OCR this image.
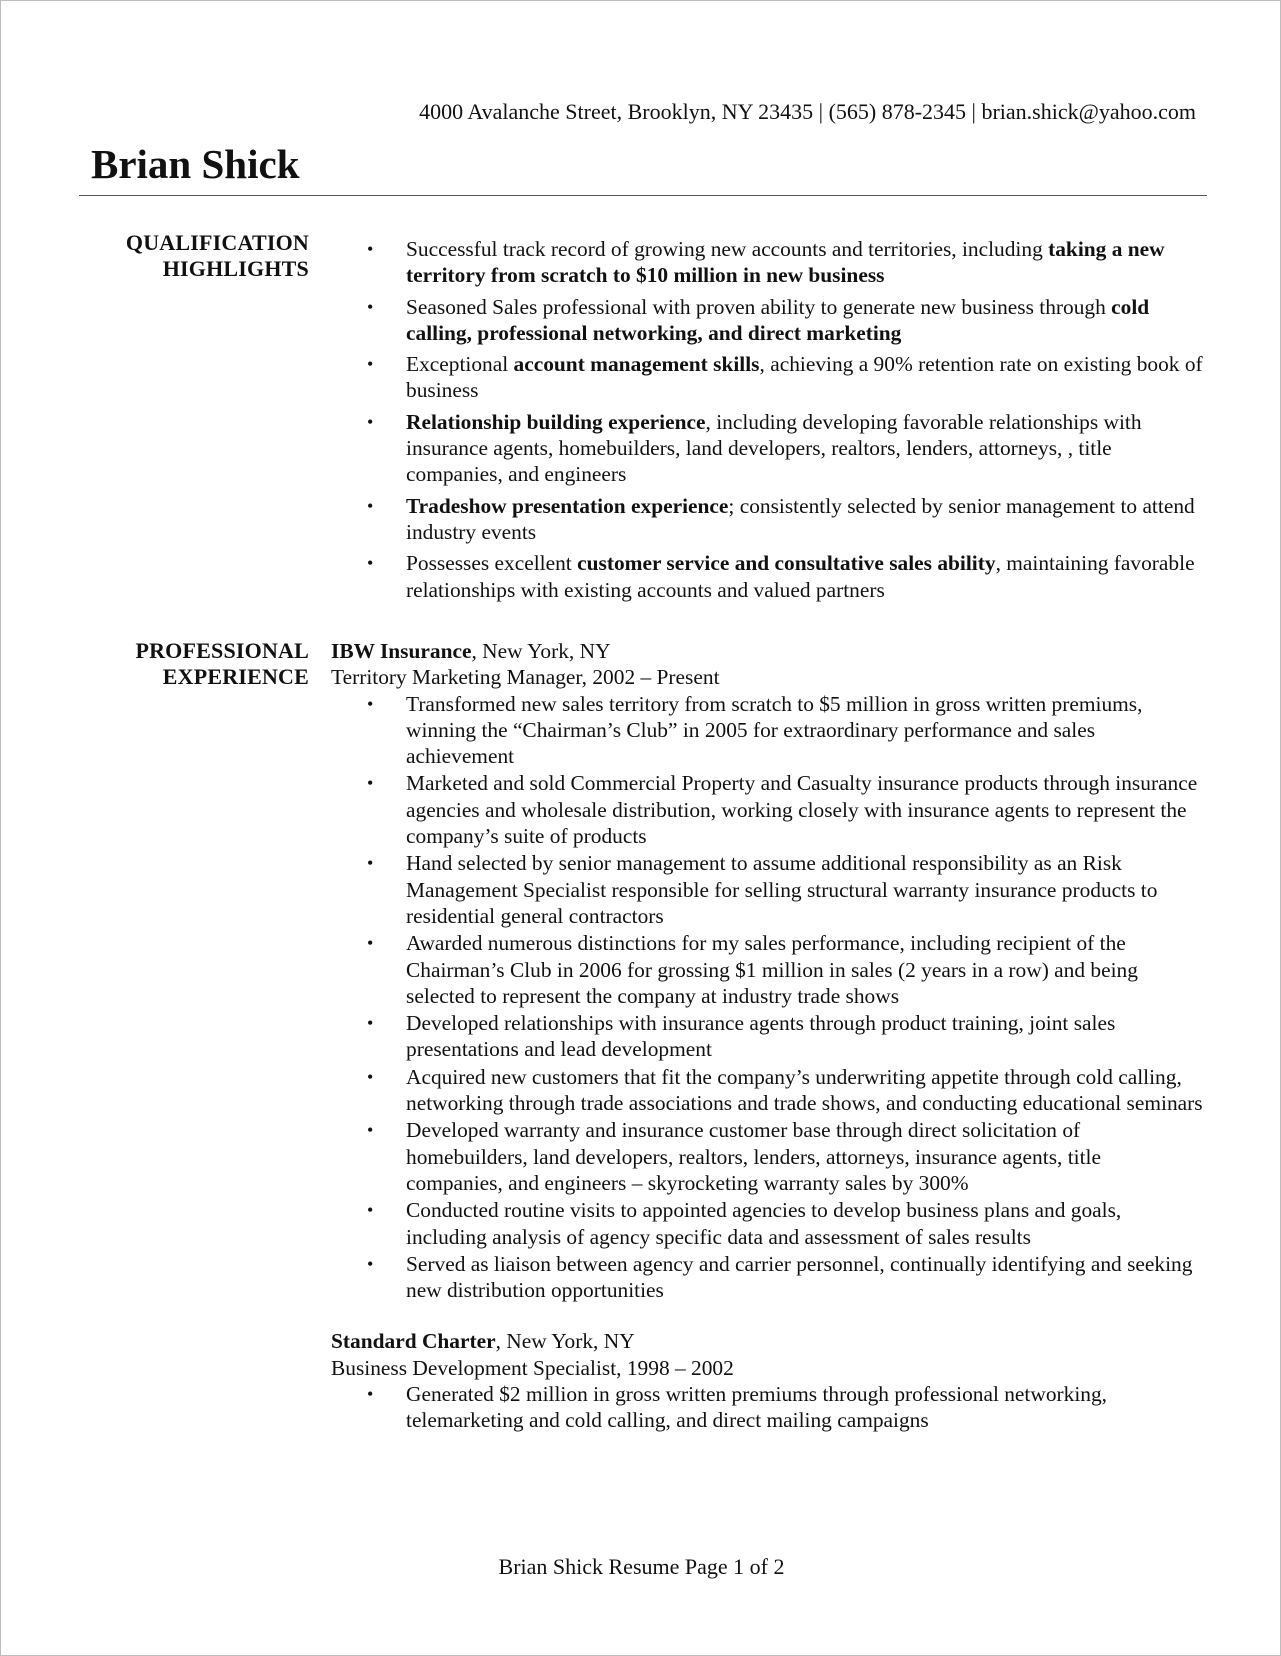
4000 Avalanche Street, Brooklyn, NY 23435 | (565) 878-2345 | brian.shick@yahoo.com
Brian Shick
QUALIFICATION
HIGHLIGHTS
• Successful track record of growing new accounts and territories, including taking a new territory from scratch to $10 million in new business
• Seasoned Sales professional with proven ability to generate new business through cold calling, professional networking, and direct marketing
• Exceptional account management skills, achieving a 90% retention rate on existing book of business
• Relationship building experience, including developing favorable relationships with insurance agents, homebuilders, land developers, realtors, lenders, attorneys, , title companies, and engineers
• Tradeshow presentation experience; consistently selected by senior management to attend industry events
• Possesses excellent customer service and consultative sales ability, maintaining favorable relationships with existing accounts and valued partners
PROFESSIONAL
EXPERIENCE
IBW Insurance, New York, NY
Territory Marketing Manager, 2002 – Present
• Transformed new sales territory from scratch to $5 million in gross written premiums, winning the “Chairman’s Club” in 2005 for extraordinary performance and sales achievement
• Marketed and sold Commercial Property and Casualty insurance products through insurance agencies and wholesale distribution, working closely with insurance agents to represent the company’s suite of products
• Hand selected by senior management to assume additional responsibility as an Risk Management Specialist responsible for selling structural warranty insurance products to residential general contractors
• Awarded numerous distinctions for my sales performance, including recipient of the Chairman’s Club in 2006 for grossing $1 million in sales (2 years in a row) and being selected to represent the company at industry trade shows
• Developed relationships with insurance agents through product training, joint sales presentations and lead development
• Acquired new customers that fit the company’s underwriting appetite through cold calling, networking through trade associations and trade shows, and conducting educational seminars
• Developed warranty and insurance customer base through direct solicitation of homebuilders, land developers, realtors, lenders, attorneys, insurance agents, title companies, and engineers – skyrocketing warranty sales by 300%
• Conducted routine visits to appointed agencies to develop business plans and goals, including analysis of agency specific data and assessment of sales results
• Served as liaison between agency and carrier personnel, continually identifying and seeking new distribution opportunities
Standard Charter, New York, NY
Business Development Specialist, 1998 – 2002
• Generated $2 million in gross written premiums through professional networking, telemarketing and cold calling, and direct mailing campaigns
Brian Shick Resume Page 1 of 2
